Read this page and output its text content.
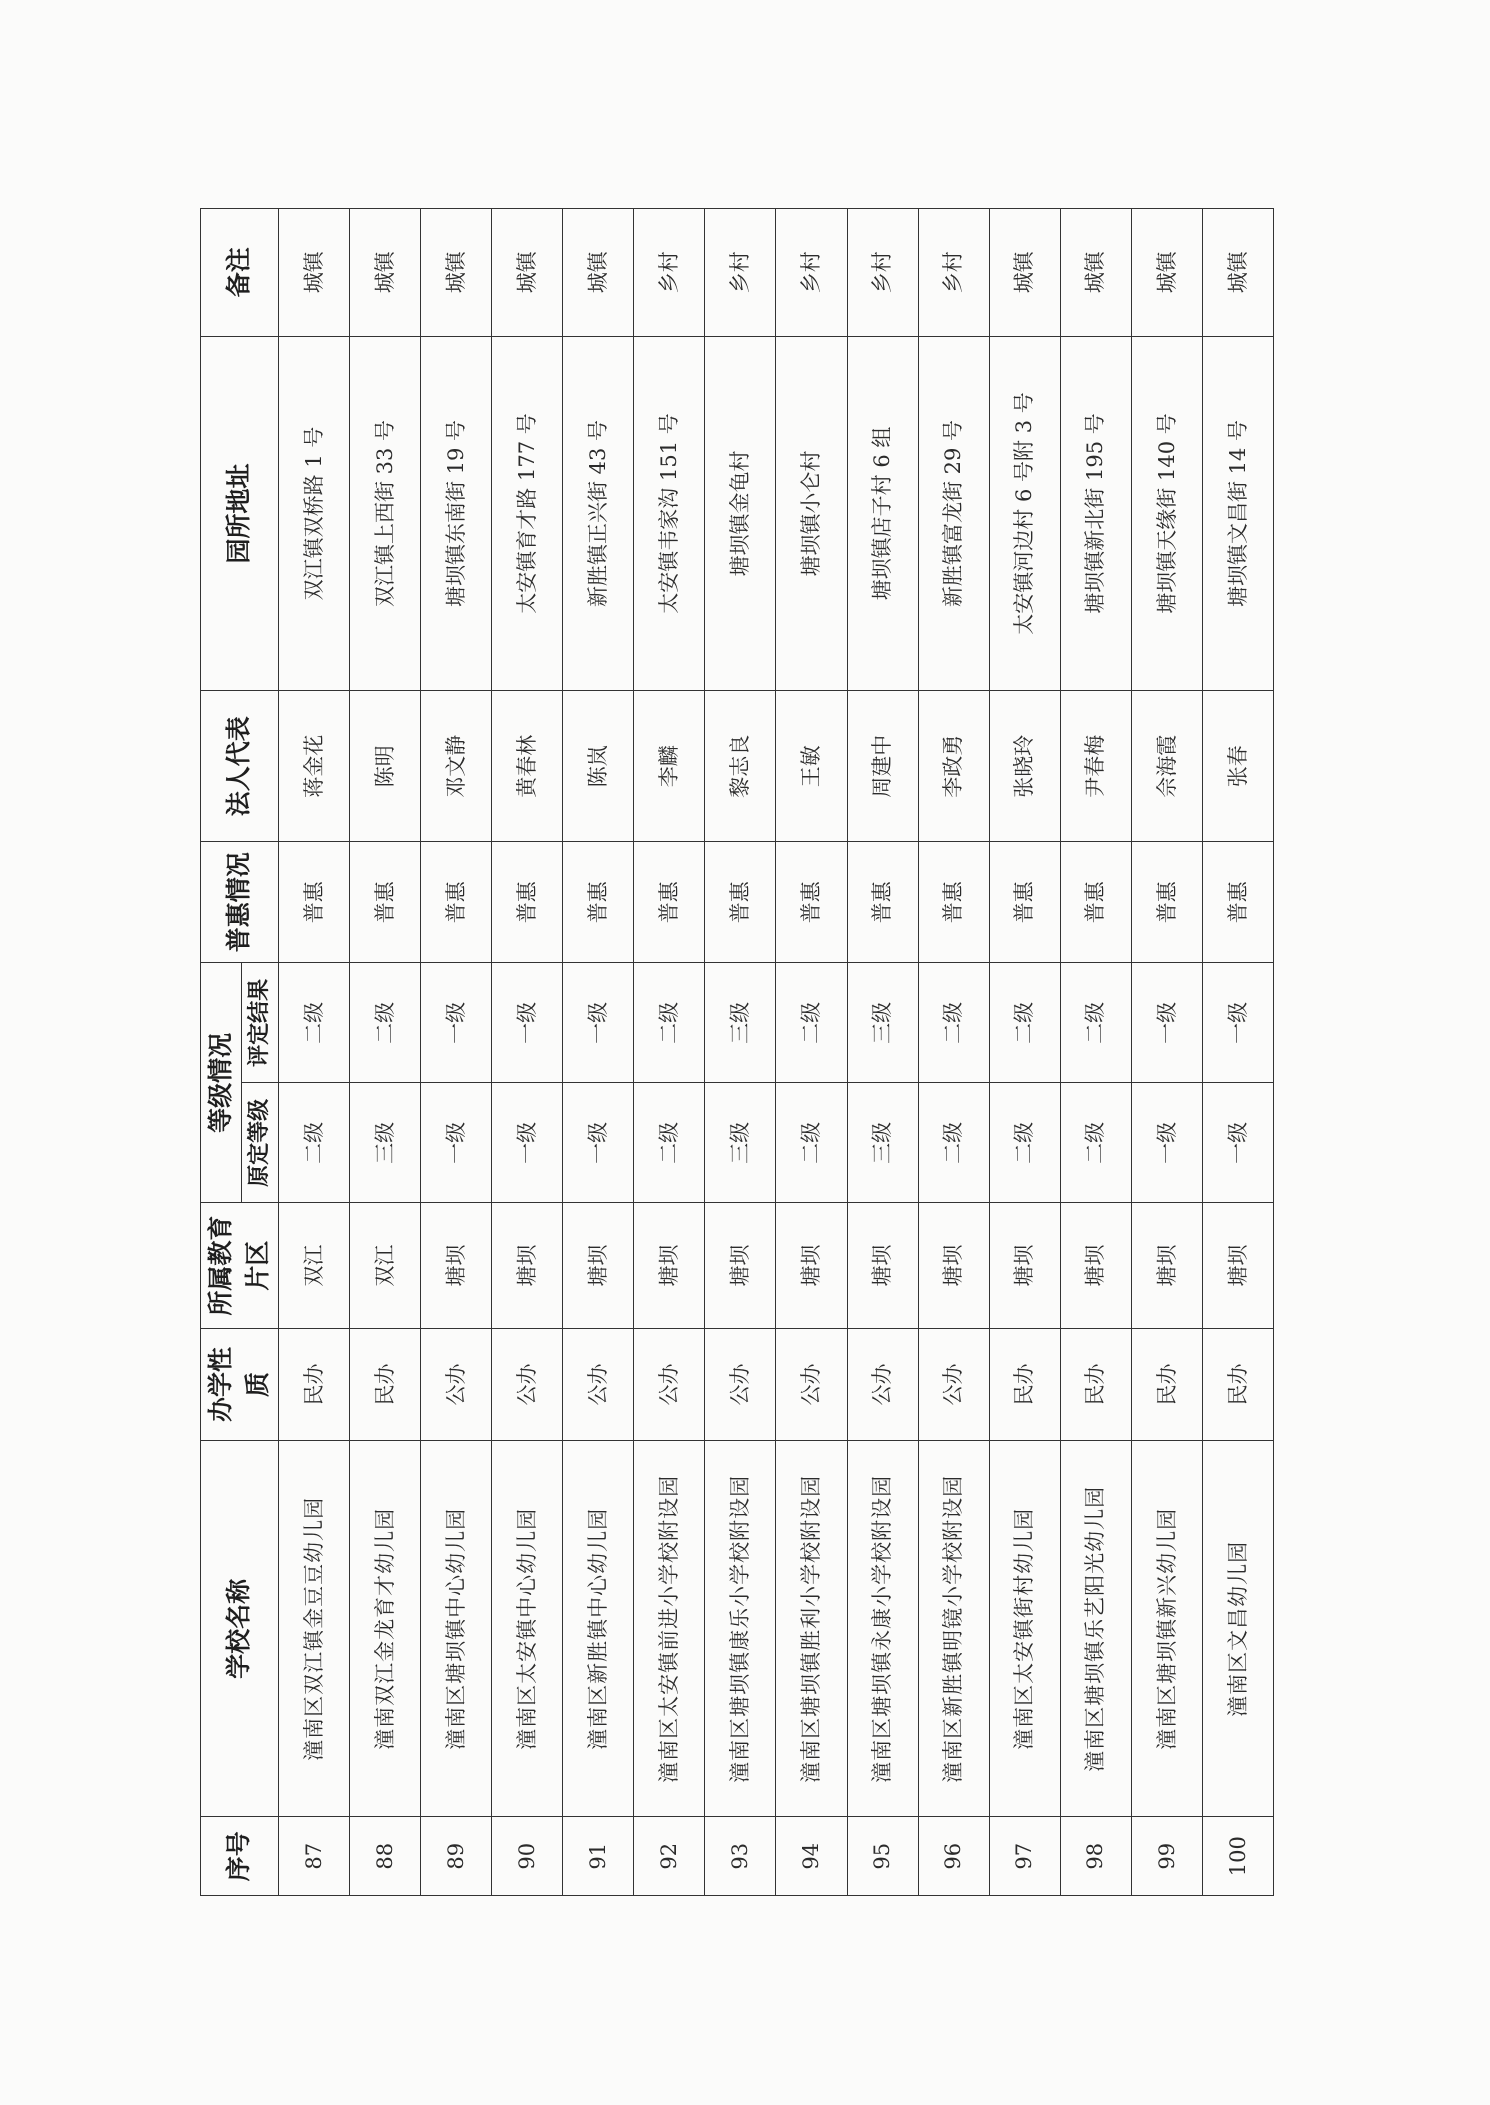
序号	学校名称	办学性质	所属教育片区	等级情况		普惠情况	法人代表	园所地址	备注
				原定等级	评定结果				
87	潼南区双江镇金豆豆幼儿园	民办	双江	二级	二级	普惠	蒋金花	双江镇双桥路 1 号	城镇
88	潼南双江金龙育才幼儿园	民办	双江	三级	二级	普惠	陈明	双江镇上西街 33 号	城镇
89	潼南区塘坝镇中心幼儿园	公办	塘坝	一级	一级	普惠	邓文静	塘坝镇东南街 19 号	城镇
90	潼南区太安镇中心幼儿园	公办	塘坝	一级	一级	普惠	黄春林	太安镇育才路 177 号	城镇
91	潼南区新胜镇中心幼儿园	公办	塘坝	一级	一级	普惠	陈岚	新胜镇正兴街 43 号	城镇
92	潼南区太安镇前进小学校附设园	公办	塘坝	二级	二级	普惠	李麟	太安镇韦家沟 151 号	乡村
93	潼南区塘坝镇康乐小学校附设园	公办	塘坝	三级	三级	普惠	黎志良	塘坝镇金龟村	乡村
94	潼南区塘坝镇胜利小学校附设园	公办	塘坝	二级	二级	普惠	王敏	塘坝镇小仑村	乡村
95	潼南区塘坝镇永康小学校附设园	公办	塘坝	三级	三级	普惠	周建中	塘坝镇店子村 6 组	乡村
96	潼南区新胜镇明镜小学校附设园	公办	塘坝	二级	二级	普惠	李政勇	新胜镇富龙街 29 号	乡村
97	潼南区太安镇街村幼儿园	民办	塘坝	二级	二级	普惠	张晓玲	太安镇河边村 6 号附 3 号	城镇
98	潼南区塘坝镇乐艺阳光幼儿园	民办	塘坝	二级	二级	普惠	尹春梅	塘坝镇新北街 195 号	城镇
99	潼南区塘坝镇新兴幼儿园	民办	塘坝	一级	一级	普惠	佘海霞	塘坝镇天缘街 140 号	城镇
100	潼南区文昌幼儿园	民办	塘坝	一级	一级	普惠	张春	塘坝镇文昌街 14 号	城镇
